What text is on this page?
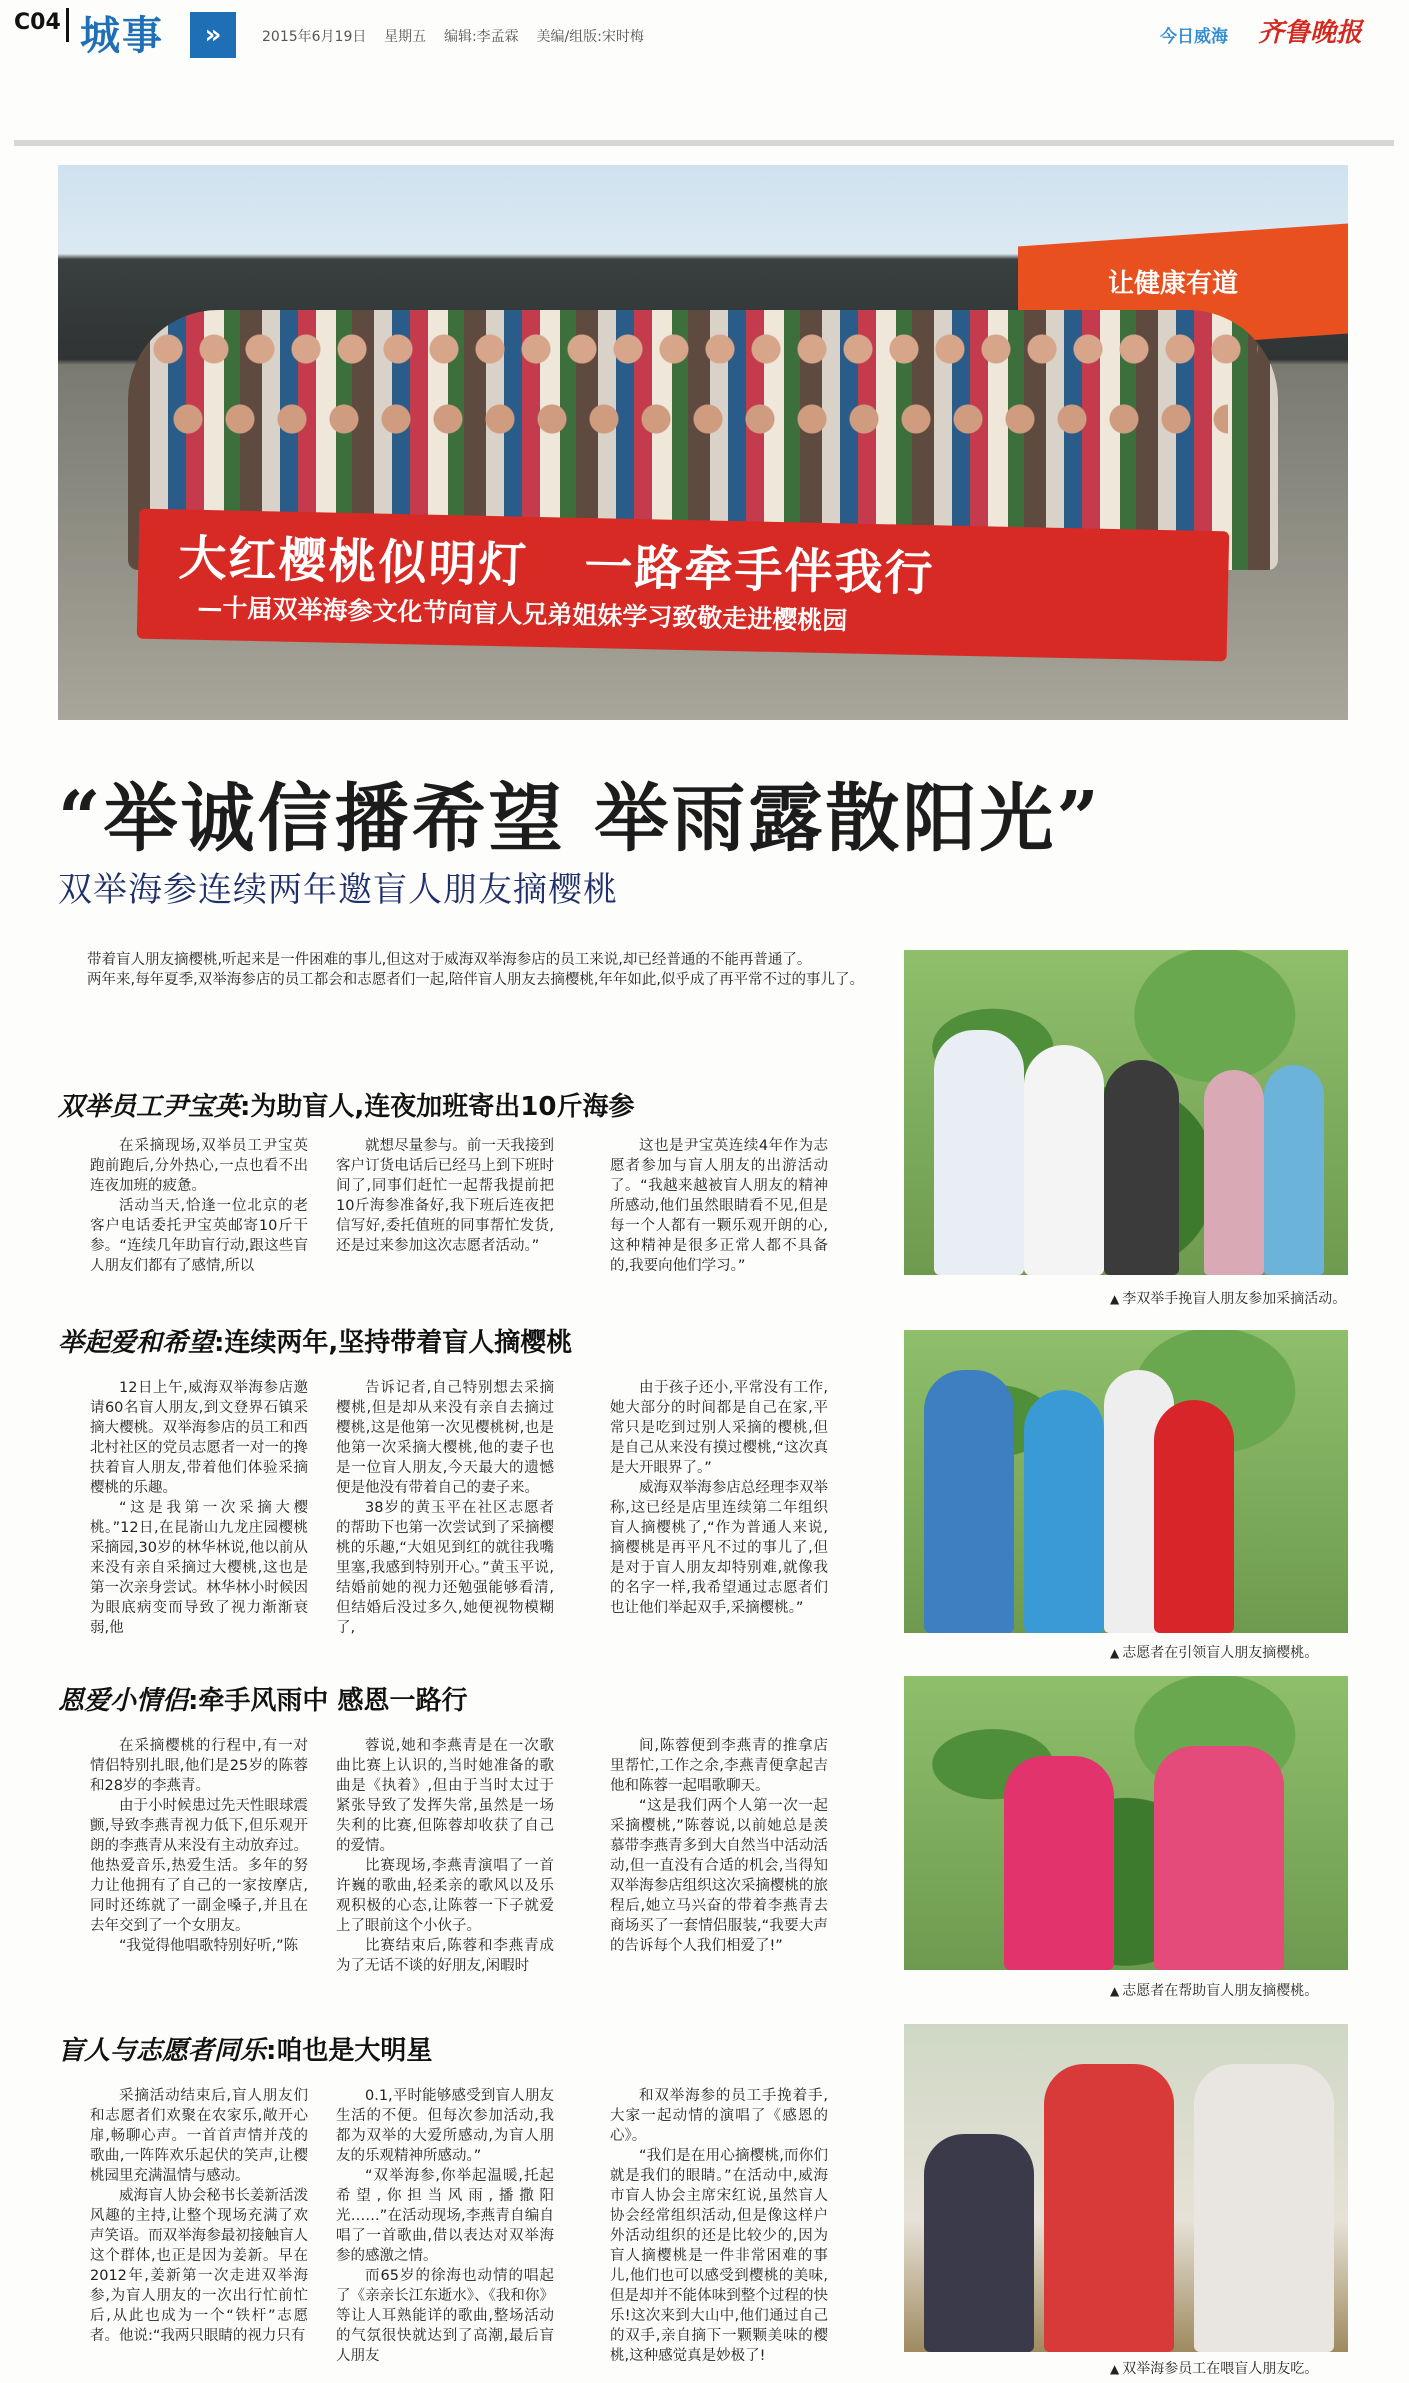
C04 城事	»	2015年6月19日    星期五    编辑:李孟霖    美编/组版:宋时梅	今日威海 齐鲁晚报
让健康有道
大红樱桃似明灯   一路牵手伴我行
—十届双举海参文化节向盲人兄弟姐妹学习致敬走进樱桃园
“举诚信播希望 举雨露散阳光”
双举海参连续两年邀盲人朋友摘樱桃

带着盲人朋友摘樱桃,听起来是一件困难的事儿,但这对于威海双举海参店的员工来说,却已经普通的不能再普通了。

两年来,每年夏季,双举海参店的员工都会和志愿者们一起,陪伴盲人朋友去摘樱桃,年年如此,似乎成了再平常不过的事儿了。

双举员工尹宝英:为助盲人,连夜加班寄出10斤海参

在采摘现场,双举员工尹宝英跑前跑后,分外热心,一点也看不出连夜加班的疲惫。

活动当天,恰逢一位北京的老客户电话委托尹宝英邮寄10斤干参。“连续几年助盲行动,跟这些盲人朋友们都有了感情,所以

就想尽量参与。前一天我接到客户订货电话后已经马上到下班时间了,同事们赶忙一起帮我提前把10斤海参准备好,我下班后连夜把信写好,委托值班的同事帮忙发货,还是过来参加这次志愿者活动。”

这也是尹宝英连续4年作为志愿者参加与盲人朋友的出游活动了。“我越来越被盲人朋友的精神所感动,他们虽然眼睛看不见,但是每一个人都有一颗乐观开朗的心,这种精神是很多正常人都不具备的,我要向他们学习。”

▲ 李双举手挽盲人朋友参加采摘活动。
举起爱和希望:连续两年,坚持带着盲人摘樱桃

12日上午,威海双举海参店邀请60名盲人朋友,到文登界石镇采摘大樱桃。双举海参店的员工和西北村社区的党员志愿者一对一的搀扶着盲人朋友,带着他们体验采摘樱桃的乐趣。

“这是我第一次采摘大樱桃。”12日,在昆嵛山九龙庄园樱桃采摘园,30岁的林华林说,他以前从来没有亲自采摘过大樱桃,这也是第一次亲身尝试。林华林小时候因为眼底病变而导致了视力渐渐衰弱,他

告诉记者,自己特别想去采摘樱桃,但是却从来没有亲自去摘过樱桃,这是他第一次见樱桃树,也是他第一次采摘大樱桃,他的妻子也是一位盲人朋友,今天最大的遗憾便是他没有带着自己的妻子来。

38岁的黄玉平在社区志愿者的帮助下也第一次尝试到了采摘樱桃的乐趣,“大姐见到红的就往我嘴里塞,我感到特别开心。”黄玉平说,结婚前她的视力还勉强能够看清,但结婚后没过多久,她便视物模糊了,

由于孩子还小,平常没有工作,她大部分的时间都是自己在家,平常只是吃到过别人采摘的樱桃,但是自己从来没有摸过樱桃,“这次真是大开眼界了。”

威海双举海参店总经理李双举称,这已经是店里连续第二年组织盲人摘樱桃了,“作为普通人来说,摘樱桃是再平凡不过的事儿了,但是对于盲人朋友却特别难,就像我的名字一样,我希望通过志愿者们也让他们举起双手,采摘樱桃。”

▲ 志愿者在引领盲人朋友摘樱桃。
恩爱小情侣:牵手风雨中 感恩一路行

在采摘樱桃的行程中,有一对情侣特别扎眼,他们是25岁的陈蓉和28岁的李燕青。

由于小时候患过先天性眼球震颤,导致李燕青视力低下,但乐观开朗的李燕青从来没有主动放弃过。他热爱音乐,热爱生活。多年的努力让他拥有了自己的一家按摩店,同时还练就了一副金嗓子,并且在去年交到了一个女朋友。

“我觉得他唱歌特别好听,”陈

蓉说,她和李燕青是在一次歌曲比赛上认识的,当时她准备的歌曲是《执着》,但由于当时太过于紧张导致了发挥失常,虽然是一场失利的比赛,但陈蓉却收获了自己的爱情。

比赛现场,李燕青演唱了一首许巍的歌曲,轻柔亲的歌风以及乐观积极的心态,让陈蓉一下子就爱上了眼前这个小伙子。

比赛结束后,陈蓉和李燕青成为了无话不谈的好朋友,闲暇时

间,陈蓉便到李燕青的推拿店里帮忙,工作之余,李燕青便拿起吉他和陈蓉一起唱歌聊天。

“这是我们两个人第一次一起采摘樱桃,”陈蓉说,以前她总是羡慕带李燕青多到大自然当中活动活动,但一直没有合适的机会,当得知双举海参店组织这次采摘樱桃的旅程后,她立马兴奋的带着李燕青去商场买了一套情侣服装,“我要大声的告诉每个人我们相爱了!”

▲ 志愿者在帮助盲人朋友摘樱桃。
盲人与志愿者同乐:咱也是大明星

采摘活动结束后,盲人朋友们和志愿者们欢聚在农家乐,敞开心扉,畅聊心声。一首首声情并茂的歌曲,一阵阵欢乐起伏的笑声,让樱桃园里充满温情与感动。

威海盲人协会秘书长姜新活泼风趣的主持,让整个现场充满了欢声笑语。而双举海参最初接触盲人这个群体,也正是因为姜新。早在2012年,姜新第一次走进双举海参,为盲人朋友的一次出行忙前忙后,从此也成为一个“铁杆”志愿者。他说:“我两只眼睛的视力只有

0.1,平时能够感受到盲人朋友生活的不便。但每次参加活动,我都为双举的大爱所感动,为盲人朋友的乐观精神所感动。”

“双举海参,你举起温暖,托起希望,你担当风雨,播撒阳光……”在活动现场,李燕青自编自唱了一首歌曲,借以表达对双举海参的感激之情。

而65岁的徐海也动情的唱起了《亲亲长江东逝水》、《我和你》等让人耳熟能详的歌曲,整场活动的气氛很快就达到了高潮,最后盲人朋友

和双举海参的员工手挽着手,大家一起动情的演唱了《感恩的心》。

“我们是在用心摘樱桃,而你们就是我们的眼睛。”在活动中,威海市盲人协会主席宋红说,虽然盲人协会经常组织活动,但是像这样户外活动组织的还是比较少的,因为盲人摘樱桃是一件非常困难的事儿,他们也可以感受到樱桃的美味,但是却并不能体味到整个过程的快乐!这次来到大山中,他们通过自己的双手,亲自摘下一颗颗美味的樱桃,这种感觉真是妙极了!

▲ 双举海参员工在喂盲人朋友吃。
